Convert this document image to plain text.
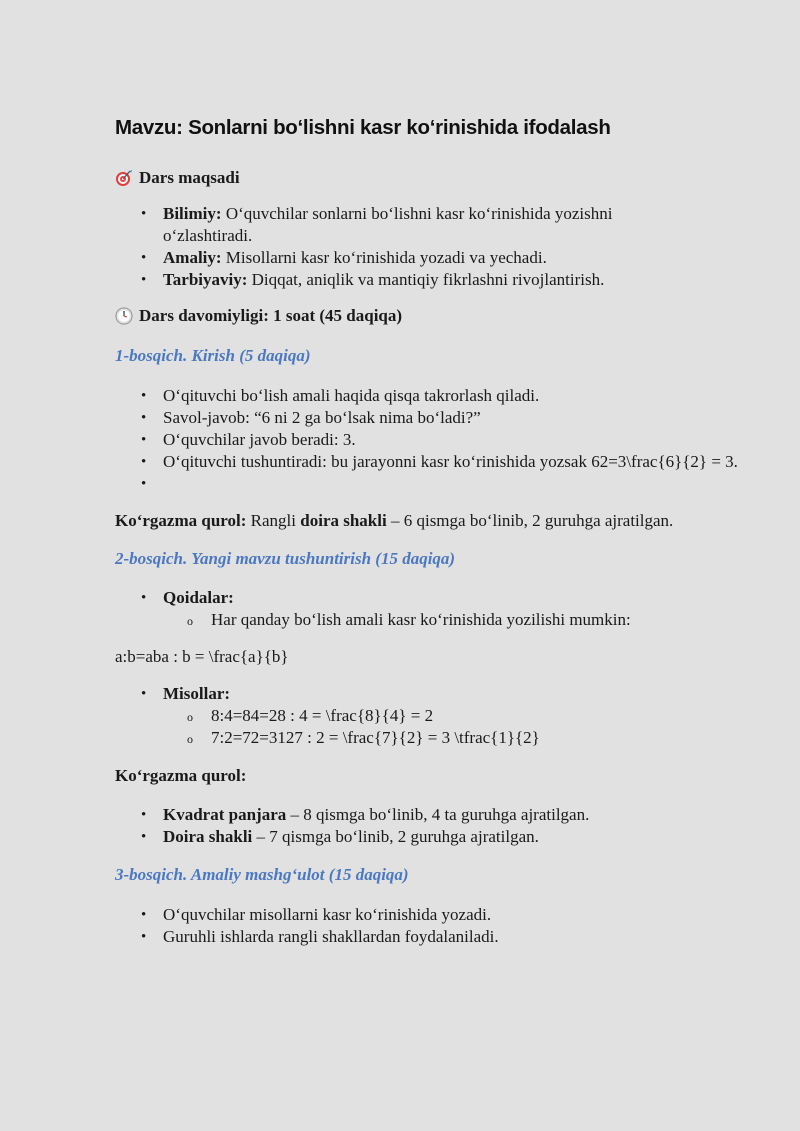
Mavzu: Sonlarni bo‘lishni kasr ko‘rinishida ifodalash
Dars maqsadi
• Bilimiy: O‘quvchilar sonlarni bo‘lishni kasr ko‘rinishida yozishni o‘zlashtiradi.
• Amaliy: Misollarni kasr ko‘rinishida yozadi va yechadi.
• Tarbiyaviy: Diqqat, aniqlik va mantiqiy fikrlashni rivojlantirish.
Dars davomiyligi: 1 soat (45 daqiqa)

1-bosqich. Kirish (5 daqiqa)

• O‘qituvchi bo‘lish amali haqida qisqa takrorlash qiladi.
• Savol-javob: “6 ni 2 ga bo‘lsak nima bo‘ladi?”
• O‘quvchilar javob beradi: 3.
• O‘qituvchi tushuntiradi: bu jarayonni kasr ko‘rinishida yozsak 62=3\frac{6}{2} = 3.
•

Ko‘rgazma qurol: Rangli doira shakli – 6 qismga bo‘linib, 2 guruhga ajratilgan.

2-bosqich. Yangi mavzu tushuntirish (15 daqiqa)

• Qoidalar:
o Har qanday bo‘lish amali kasr ko‘rinishida yozilishi mumkin:

a:b=aba : b = \frac{a}{b}

• Misollar:
o 8:4=84=28 : 4 = \frac{8}{4} = 2
o 7:2=72=3127 : 2 = \frac{7}{2} = 3 \tfrac{1}{2}

Ko‘rgazma qurol:

• Kvadrat panjara – 8 qismga bo‘linib, 4 ta guruhga ajratilgan.
• Doira shakli – 7 qismga bo‘linib, 2 guruhga ajratilgan.

3-bosqich. Amaliy mashg‘ulot (15 daqiqa)

• O‘quvchilar misollarni kasr ko‘rinishida yozadi.
• Guruhli ishlarda rangli shakllardan foydalaniladi.
